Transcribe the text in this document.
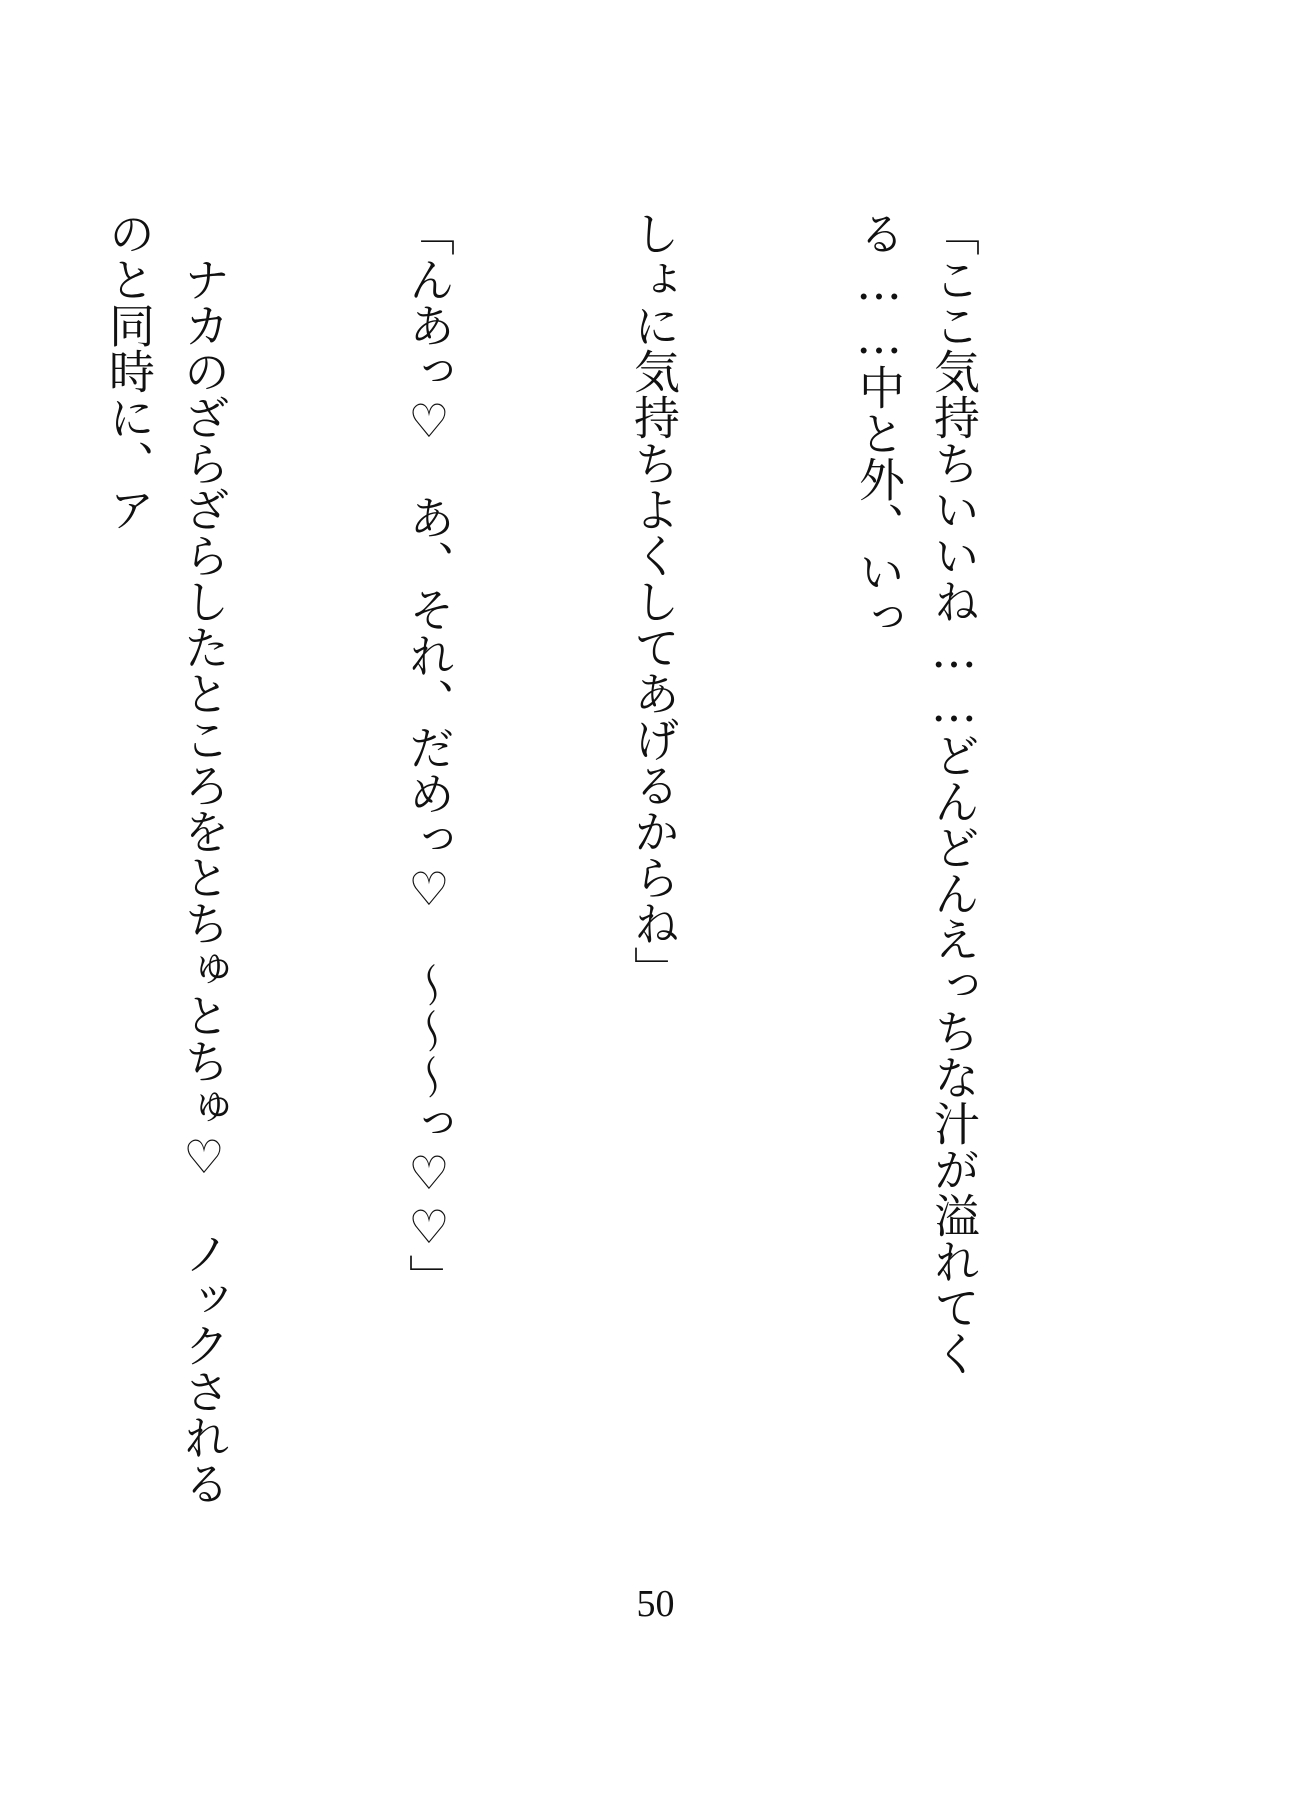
「ここ気持ちいいね……どんどんえっちな汁が溢れてくる……中と外、いっ

しょに気持ちよくしてあげるからね」

「んあっ♡　あ、それ、だめっ♡　〜〜〜っ♡♡」

　ナカのざらざらしたところをとちゅとちゅ♡　ノックされるのと同時に、ア

50
